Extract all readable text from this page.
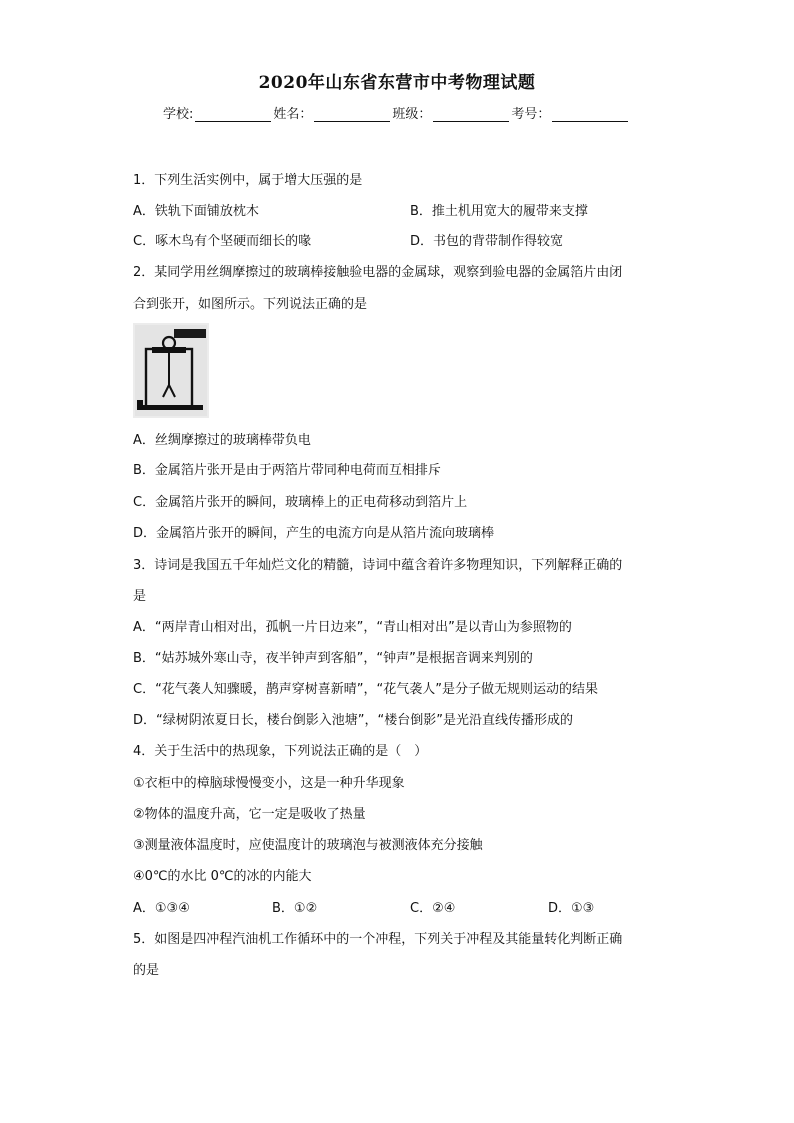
2020年山东省东营市中考物理试题
学校:	姓名：	班级：	考号：
1．下列生活实例中，属于增大压强的是
A．铁轨下面铺放枕木	B．推土机用宽大的履带来支撑
C．啄木鸟有个坚硬而细长的喙	D．书包的背带制作得较宽
2．某同学用丝绸摩擦过的玻璃棒接触验电器的金属球，观察到验电器的金属箔片由闭
合到张开，如图所示。下列说法正确的是
A．丝绸摩擦过的玻璃棒带负电
B．金属箔片张开是由于两箔片带同种电荷而互相排斥
C．金属箔片张开的瞬间，玻璃棒上的正电荷移动到箔片上
D．金属箔片张开的瞬间，产生的电流方向是从箔片流向玻璃棒
3．诗词是我国五千年灿烂文化的精髓，诗词中蕴含着许多物理知识，下列解释正确的
是
A．“两岸青山相对出，孤帆一片日边来”，“青山相对出”是以青山为参照物的
B．“姑苏城外寒山寺，夜半钟声到客船”，“钟声”是根据音调来判别的
C．“花气袭人知骤暖，鹊声穿树喜新晴”，“花气袭人”是分子做无规则运动的结果
D．“绿树阴浓夏日长，楼台倒影入池塘”，“楼台倒影”是光沿直线传播形成的
4．关于生活中的热现象，下列说法正确的是（　）
①衣柜中的樟脑球慢慢变小，这是一种升华现象
②物体的温度升高，它一定是吸收了热量
③测量液体温度时，应使温度计的玻璃泡与被测液体充分接触
④0℃的水比 0℃的冰的内能大
A．①③④	B．①②	C．②④	D．①③
5．如图是四冲程汽油机工作循环中的一个冲程，下列关于冲程及其能量转化判断正确
的是
